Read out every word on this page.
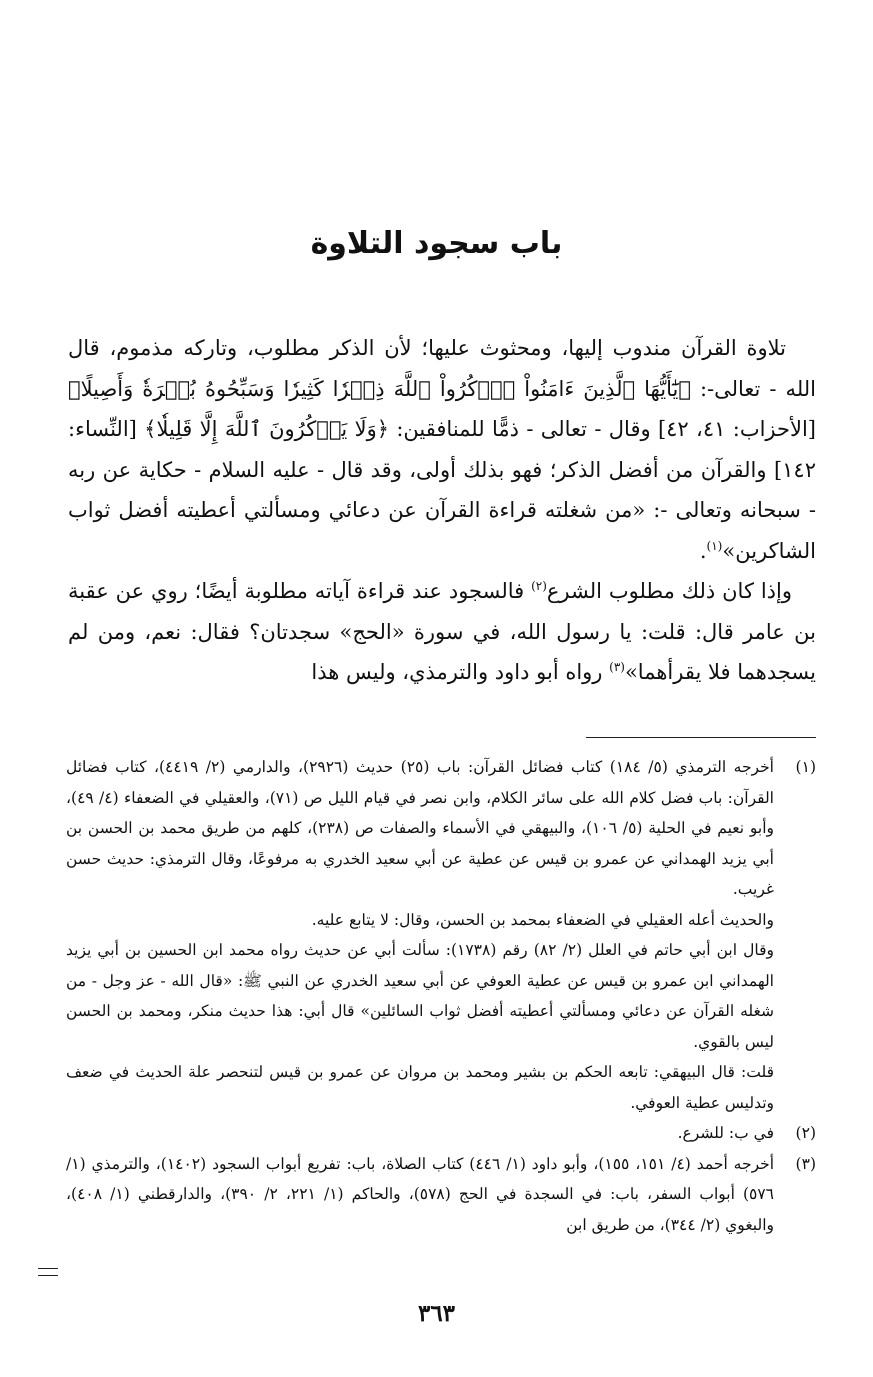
باب سجود التلاوة

تلاوة القرآن مندوب إليها، ومحثوث عليها؛ لأن الذكر مطلوب، وتاركه مذموم، قال الله - تعالى-: ﴿يَٰٓأَيُّهَا ٱلَّذِينَ ءَامَنُواْ ٱذۡكُرُواْ ٱللَّهَ ذِكۡرٗا كَثِيرٗا وَسَبِّحُوهُ بُكۡرَةٗ وَأَصِيلًا﴾ [الأحزاب: ٤١، ٤٢] وقال - تعالى - ذمًّا للمنافقين: ﴿وَلَا يَذۡكُرُونَ ٱللَّهَ إِلَّا قَلِيلٗا﴾ [النِّساء: ١٤٢] والقرآن من أفضل الذكر؛ فهو بذلك أولى، وقد قال - عليه السلام - حكاية عن ربه - سبحانه وتعالى -: «من شغلته قراءة القرآن عن دعائي ومسألتي أعطيته أفضل ثواب الشاكرين»$^{(١)}$.

وإذا كان ذلك مطلوب الشرع$^{(٢)}$ فالسجود عند قراءة آياته مطلوبة أيضًا؛ روي عن عقبة بن عامر قال: قلت: يا رسول الله، في سورة «الحج» سجدتان؟ فقال: نعم، ومن لم يسجدهما فلا يقرأهما»$^{(٣)}$ رواه أبو داود والترمذي، وليس هذا

(١)
أخرجه الترمذي (٥/ ١٨٤) كتاب فضائل القرآن: باب (٢٥) حديث (٢٩٢٦)، والدارمي (٢/ ٤٤١٩)، كتاب فضائل القرآن: باب فضل كلام الله على سائر الكلام، وابن نصر في قيام الليل ص (٧١)، والعقيلي في الضعفاء (٤/ ٤٩)، وأبو نعيم في الحلية (٥/ ١٠٦)، والبيهقي في الأسماء والصفات ص (٢٣٨)، كلهم من طريق محمد بن الحسن بن أبي يزيد الهمداني عن عمرو بن قيس عن عطية عن أبي سعيد الخدري به مرفوعًا، وقال الترمذي: حديث حسن غريب.
والحديث أعله العقيلي في الضعفاء بمحمد بن الحسن، وقال: لا يتابع عليه.
وقال ابن أبي حاتم في العلل (٢/ ٨٢) رقم (١٧٣٨): سألت أبي عن حديث رواه محمد ابن الحسين بن أبي يزيد الهمداني ابن عمرو بن قيس عن عطية العوفي عن أبي سعيد الخدري عن النبي ﷺ: «قال الله - عز وجل - من شغله القرآن عن دعائي ومسألتي أعطيته أفضل ثواب السائلين» قال أبي: هذا حديث منكر، ومحمد بن الحسن ليس بالقوي.
قلت: قال البيهقي: تابعه الحكم بن بشير ومحمد بن مروان عن عمرو بن قيس لتنحصر علة الحديث في ضعف وتدليس عطية العوفي.
(٢)
في ب: للشرع.
(٣)
أخرجه أحمد (٤/ ١٥١، ١٥٥)، وأبو داود (١/ ٤٤٦) كتاب الصلاة، باب: تفريع أبواب السجود (١٤٠٢)، والترمذي (١/ ٥٧٦) أبواب السفر، باب: في السجدة في الحج (٥٧٨)، والحاكم (١/ ٢٢١، ٢/ ٣٩٠)، والدارقطني (١/ ٤٠٨)، والبغوي (٢/ ٣٤٤)، من طريق ابن
٣٦٣
